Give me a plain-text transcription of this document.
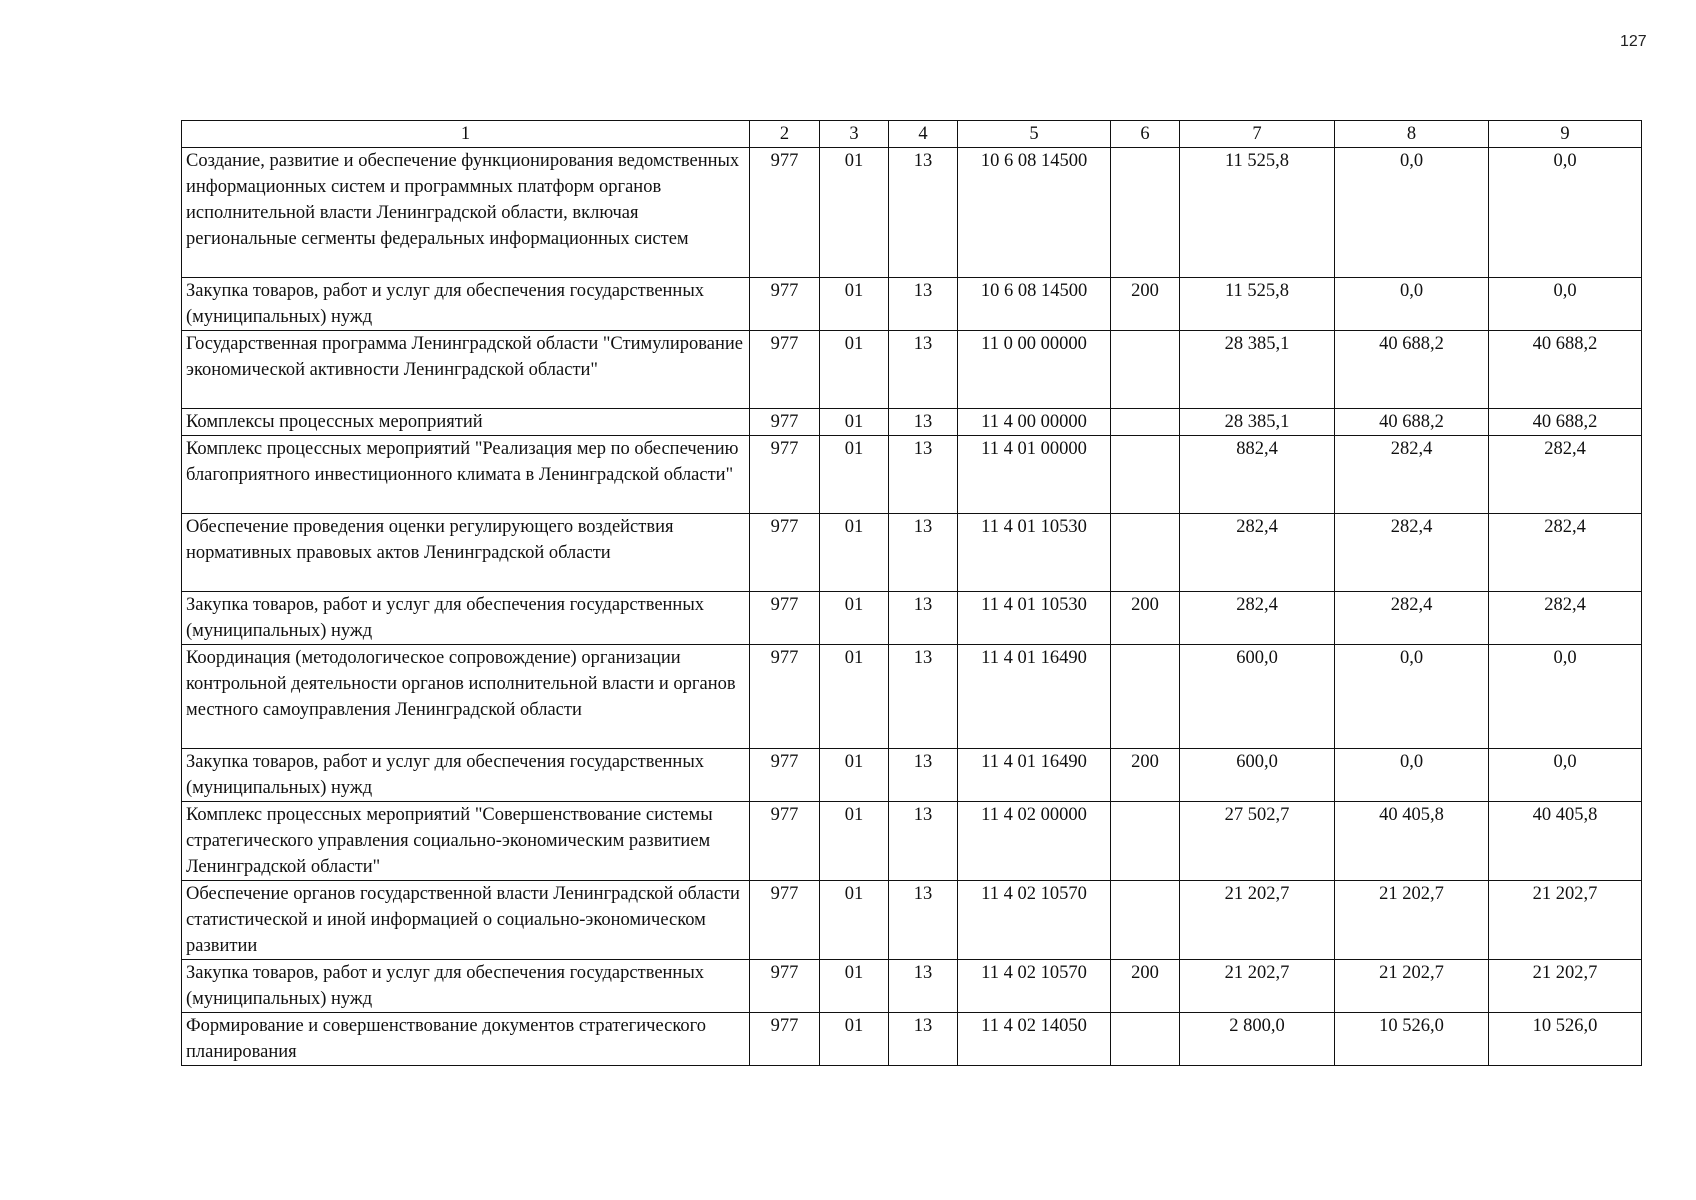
127
1	2	3	4	5	6	7	8	9
Создание, развитие и обеспечение функционирования ведомственных информационных систем и программных платформ органов исполнительной власти Ленинградской области, включая региональные сегменты федеральных информационных систем	977	01	13	10 6 08 14500		11 525,8	0,0	0,0
Закупка товаров, работ и услуг для обеспечения государственных (муниципальных) нужд	977	01	13	10 6 08 14500	200	11 525,8	0,0	0,0
Государственная программа Ленинградской области "Стимулирование экономической активности Ленинградской области"	977	01	13	11 0 00 00000		28 385,1	40 688,2	40 688,2
Комплексы процессных мероприятий	977	01	13	11 4 00 00000		28 385,1	40 688,2	40 688,2
Комплекс процессных мероприятий "Реализация мер по обеспечению благоприятного инвестиционного климата в Ленинградской области"	977	01	13	11 4 01 00000		882,4	282,4	282,4
Обеспечение проведения оценки регулирующего воздействия нормативных правовых актов Ленинградской области	977	01	13	11 4 01 10530		282,4	282,4	282,4
Закупка товаров, работ и услуг для обеспечения государственных (муниципальных) нужд	977	01	13	11 4 01 10530	200	282,4	282,4	282,4
Координация (методологическое сопровождение) организации контрольной деятельности органов исполнительной власти и органов местного самоуправления Ленинградской области	977	01	13	11 4 01 16490		600,0	0,0	0,0
Закупка товаров, работ и услуг для обеспечения государственных (муниципальных) нужд	977	01	13	11 4 01 16490	200	600,0	0,0	0,0
Комплекс процессных мероприятий "Совершенствование системы стратегического управления социально-экономическим развитием Ленинградской области"	977	01	13	11 4 02 00000		27 502,7	40 405,8	40 405,8
Обеспечение органов государственной власти Ленинградской области статистической и иной информацией о социально-экономическом развитии	977	01	13	11 4 02 10570		21 202,7	21 202,7	21 202,7
Закупка товаров, работ и услуг для обеспечения государственных (муниципальных) нужд	977	01	13	11 4 02 10570	200	21 202,7	21 202,7	21 202,7
Формирование и совершенствование документов стратегического планирования	977	01	13	11 4 02 14050		2 800,0	10 526,0	10 526,0
